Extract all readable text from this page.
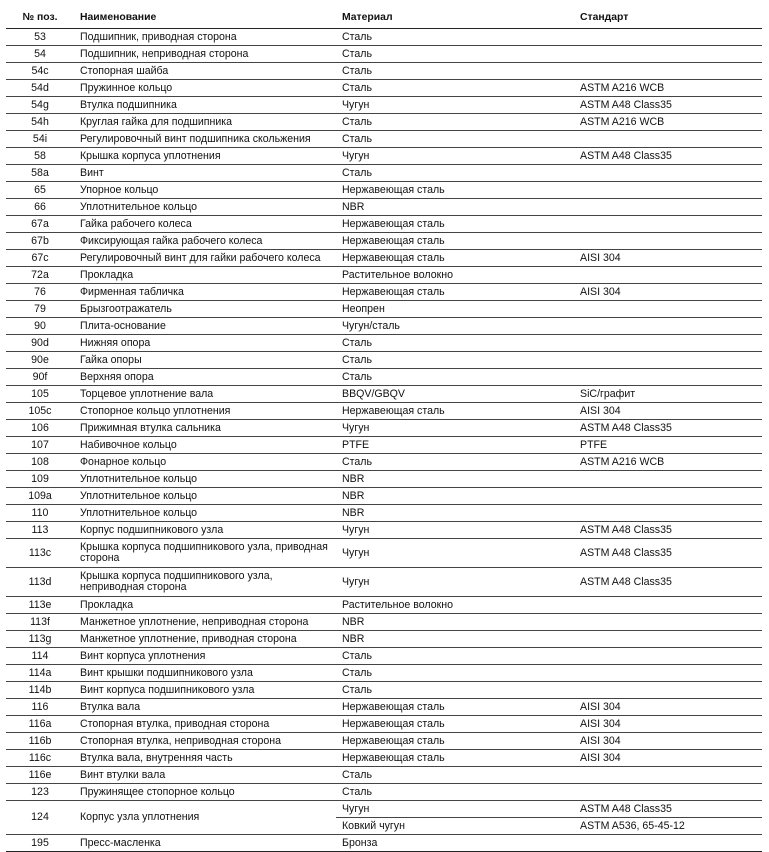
№ поз.	Наименование	Материал	Стандарт
53	Подшипник, приводная сторона	Сталь	
54	Подшипник, неприводная сторона	Сталь	
54c	Стопорная шайба	Сталь	
54d	Пружинное кольцо	Сталь	ASTM A216 WCB
54g	Втулка подшипника	Чугун	ASTM A48 Class35
54h	Круглая гайка для подшипника	Сталь	ASTM A216 WCB
54i	Регулировочный винт подшипника скольжения	Сталь	
58	Крышка корпуса уплотнения	Чугун	ASTM A48 Class35
58a	Винт	Сталь	
65	Упорное кольцо	Нержавеющая сталь	
66	Уплотнительное кольцо	NBR	
67a	Гайка рабочего колеса	Нержавеющая сталь	
67b	Фиксирующая гайка рабочего колеса	Нержавеющая сталь	
67c	Регулировочный винт для гайки рабочего колеса	Нержавеющая сталь	AISI 304
72a	Прокладка	Растительное волокно	
76	Фирменная табличка	Нержавеющая сталь	AISI 304
79	Брызгоотражатель	Неопрен	
90	Плита-основание	Чугун/сталь	
90d	Нижняя опора	Сталь	
90e	Гайка опоры	Сталь	
90f	Верхняя опора	Сталь	
105	Торцевое уплотнение вала	BBQV/GBQV	SiC/графит
105c	Стопорное кольцо уплотнения	Нержавеющая сталь	AISI 304
106	Прижимная втулка сальника	Чугун	ASTM A48 Class35
107	Набивочное кольцо	PTFE	PTFE
108	Фонарное кольцо	Сталь	ASTM A216 WCB
109	Уплотнительное кольцо	NBR	
109a	Уплотнительное кольцо	NBR	
110	Уплотнительное кольцо	NBR	
113	Корпус подшипникового узла	Чугун	ASTM A48 Class35
113c	Крышка корпуса подшипникового узла, приводная сторона	Чугун	ASTM A48 Class35
113d	Крышка корпуса подшипникового узла, неприводная сторона	Чугун	ASTM A48 Class35
113e	Прокладка	Растительное волокно	
113f	Манжетное уплотнение, неприводная сторона	NBR	
113g	Манжетное уплотнение, приводная сторона	NBR	
114	Винт корпуса уплотнения	Сталь	
114a	Винт крышки подшипникового узла	Сталь	
114b	Винт корпуса подшипникового узла	Сталь	
116	Втулка вала	Нержавеющая сталь	AISI 304
116a	Стопорная втулка, приводная сторона	Нержавеющая сталь	AISI 304
116b	Стопорная втулка, неприводная сторона	Нержавеющая сталь	AISI 304
116c	Втулка вала, внутренняя часть	Нержавеющая сталь	AISI 304
116e	Винт втулки вала	Сталь	
123	Пружинящее стопорное кольцо	Сталь	
124	Корпус узла уплотнения	Чугун	ASTM A48 Class35
		Ковкий чугун	ASTM A536, 65-45-12
195	Пресс-масленка	Бронза	
